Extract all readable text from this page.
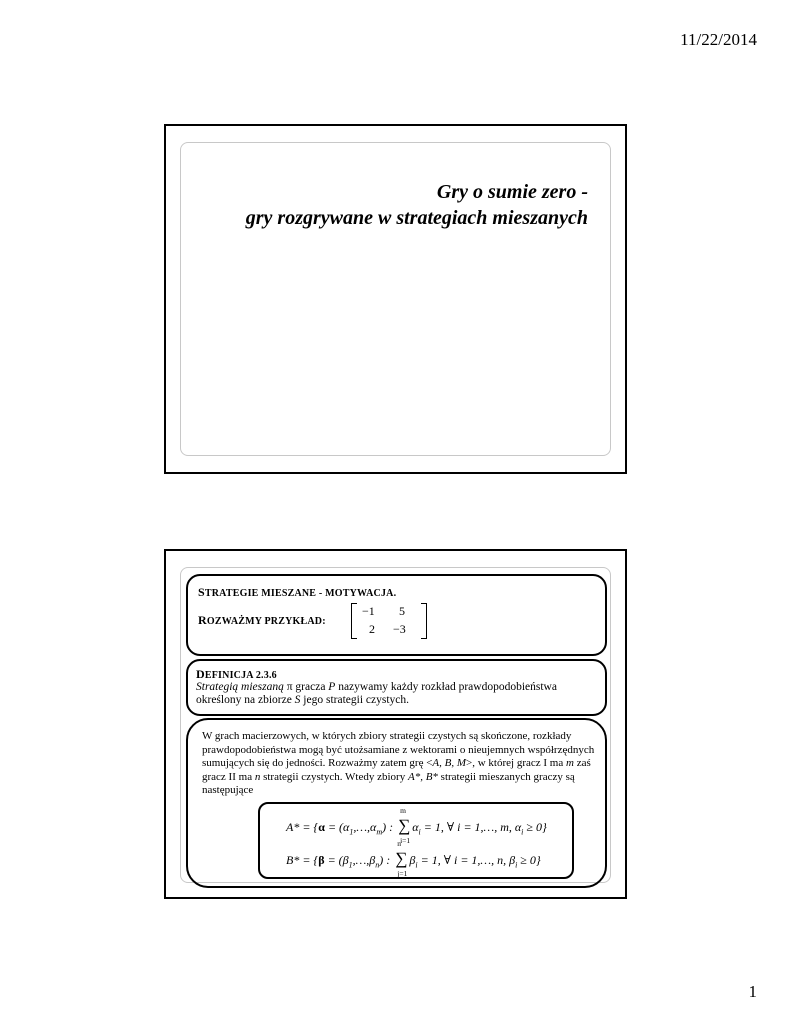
11/22/2014
Gry o sumie zero -
gry rozgrywane w strategiach mieszanych
STRATEGIE MIESZANE - MOTYWACJA.
ROZWAŻMY PRZYKŁAD:
−1 5
2 −3
DEFINICJA 2.3.6
Strategią mieszaną π gracza P nazywamy każdy rozkład prawdopodobieństwa określony na zbiorze S jego strategii czystych.
W grach macierzowych, w których zbiory strategii czystych są skończone, rozkłady prawdopodobieństwa mogą być utożsamiane z wektorami o nieujemnych współrzędnych sumujących się do jedności. Rozważmy zatem grę <A, B, M>, w której gracz I ma m zaś gracz II ma n strategii czystych. Wtedy zbiory A*, B* strategii mieszanych graczy są następujące
$A* = \{\alpha = (\alpha_1,\dots,\alpha_m)$ : ∑
m
i=1
$\alpha_i = 1$, ∀ i = 1,…, m, $\alpha_i \ge 0$}
$B* = \{\beta = (\beta_1,\dots,\beta_n)$ : ∑
n
j=1
$\beta_i = 1$, ∀ i = 1,…, n, $\beta_i \ge 0$}
1
